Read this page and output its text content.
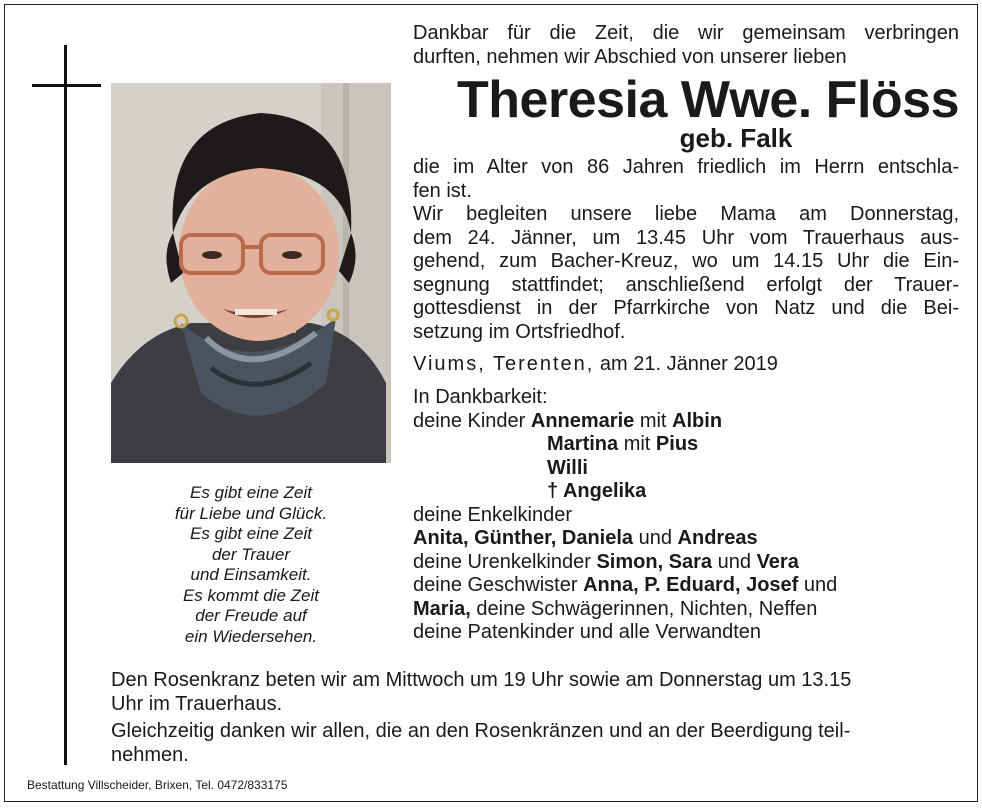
Es gibt eine Zeit
für Liebe und Glück.
Es gibt eine Zeit
der Trauer
und Einsamkeit.
Es kommt die Zeit
der Freude auf
ein Wiedersehen.
Dankbar für die Zeit, die wir gemeinsam verbringen
durften, nehmen wir Abschied von unserer lieben
Theresia Wwe. Flöss
geb. Falk
die im Alter von 86 Jahren friedlich im Herrn entschla-
fen ist.
Wir begleiten unsere liebe Mama am Donnerstag,
dem 24. Jänner, um 13.45 Uhr vom Trauerhaus aus-
gehend, zum Bacher-Kreuz, wo um 14.15 Uhr die Ein-
segnung stattfindet; anschließend erfolgt der Trauer-
gottesdienst in der Pfarrkirche von Natz und die Bei-
setzung im Ortsfriedhof.
Viums, Terenten, am 21. Jänner 2019
In Dankbarkeit:
deine Kinder Annemarie mit Albin
Martina mit Pius
Willi
† Angelika
deine Enkelkinder
Anita, Günther, Daniela und Andreas
deine Urenkelkinder Simon, Sara und Vera
deine Geschwister Anna, P. Eduard, Josef und
Maria, deine Schwägerinnen, Nichten, Neffen
deine Patenkinder und alle Verwandten
Den Rosenkranz beten wir am Mittwoch um 19 Uhr sowie am Donnerstag um 13.15
Uhr im Trauerhaus.
Gleichzeitig danken wir allen, die an den Rosenkränzen und an der Beerdigung teil-
nehmen.
Bestattung Villscheider, Brixen, Tel. 0472/833175
